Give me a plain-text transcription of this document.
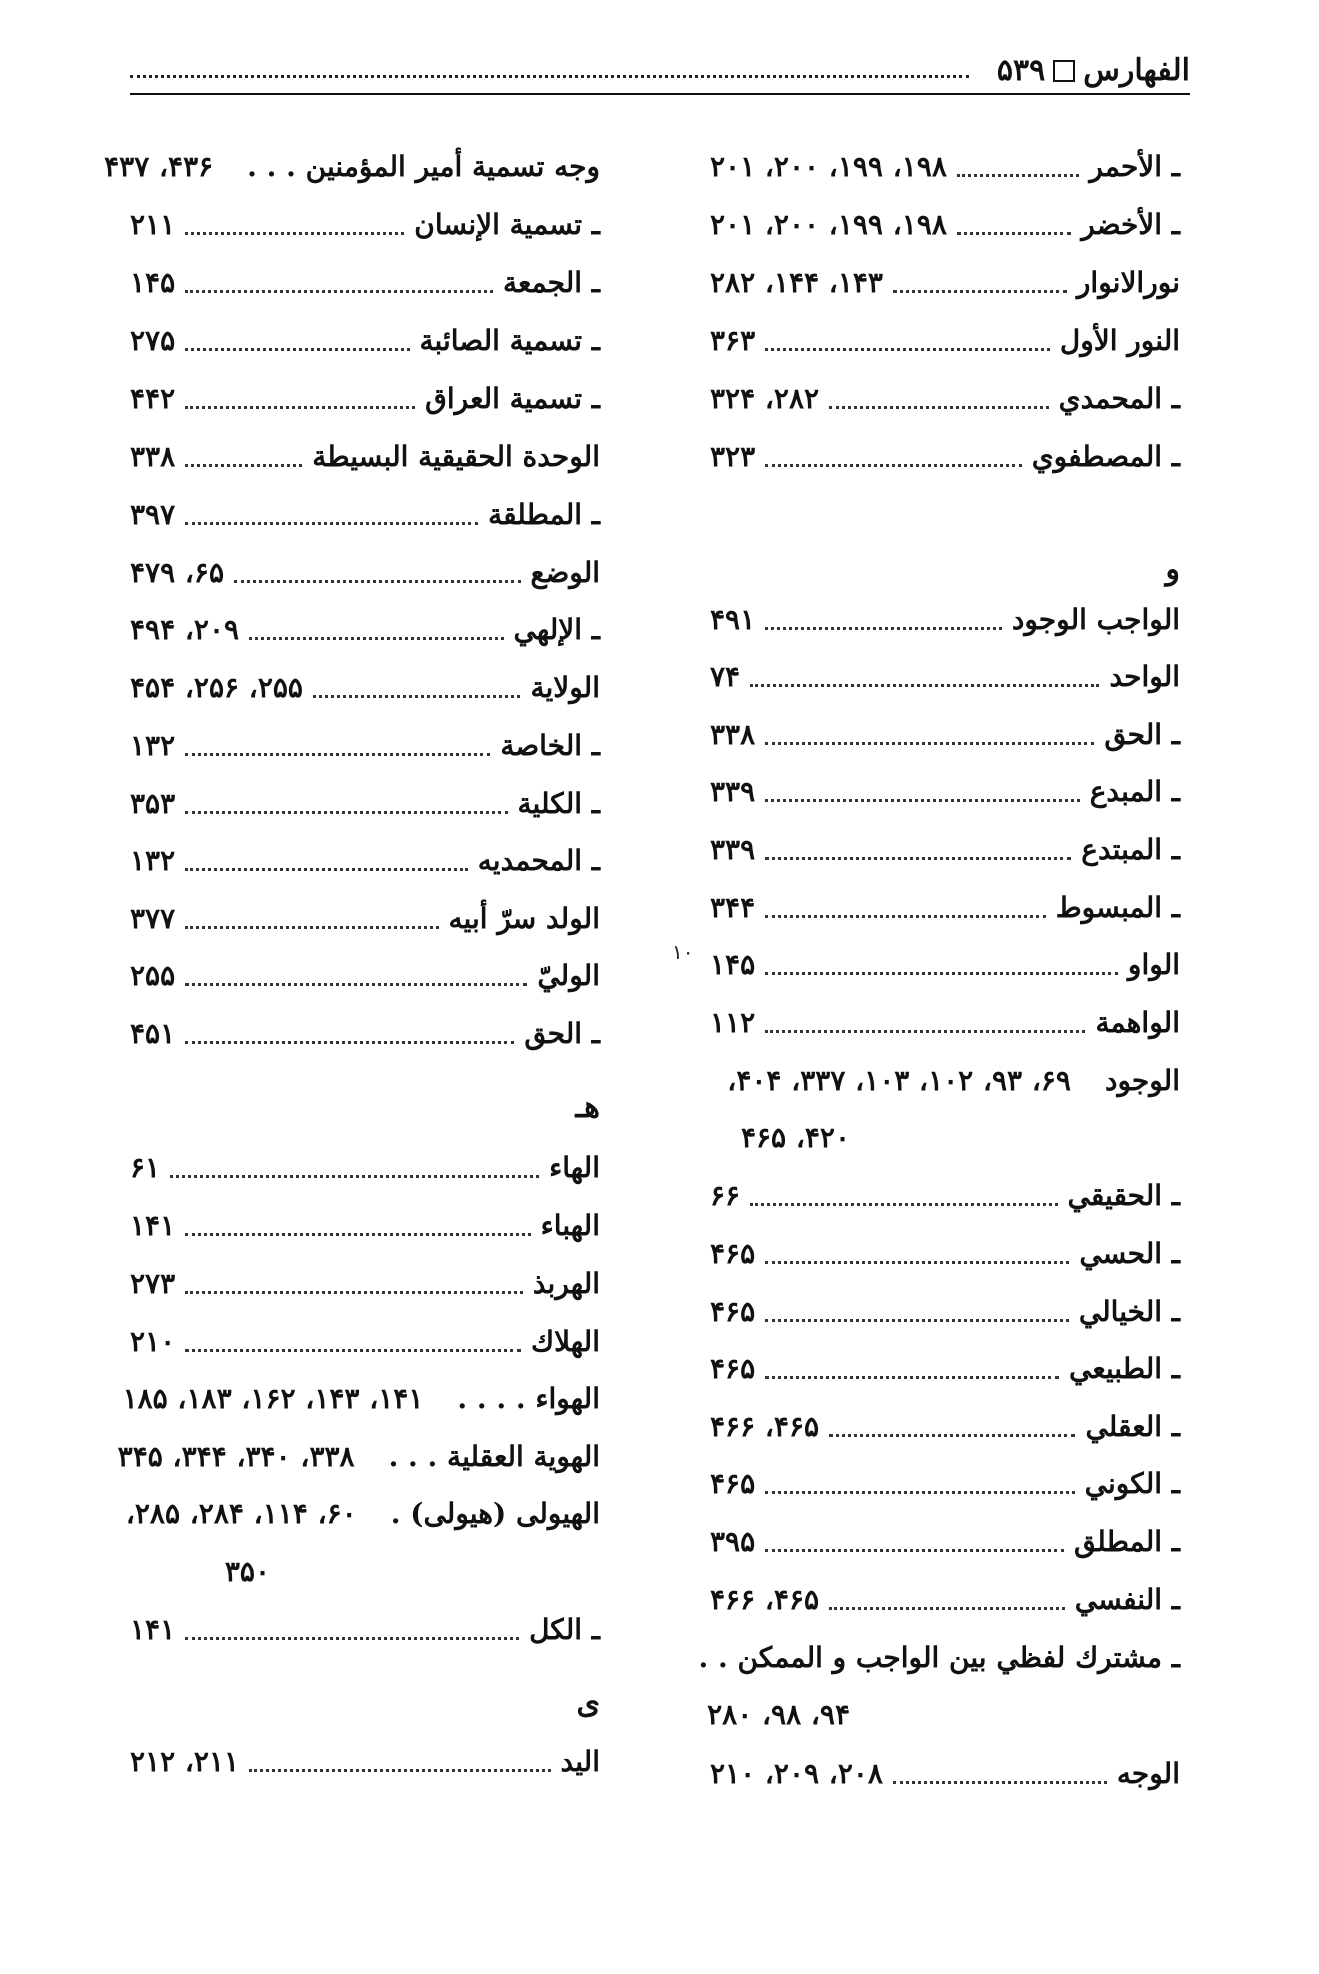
الفهارس
۵۳۹
ـ الأحمر
۱۹۸، ۱۹۹، ۲۰۰، ۲۰۱
ـ الأخضر
۱۹۸، ۱۹۹، ۲۰۰، ۲۰۱
نورالانوار
۱۴۳، ۱۴۴، ۲۸۲
النور الأول
۳۶۳
ـ المحمدي
۲۸۲، ۳۲۴
ـ المصطفوي
۳۲۳
و
الواجب الوجود
۴۹۱
الواحد
۷۴
ـ الحق
۳۳۸
ـ المبدع
۳۳۹
ـ المبتدع
۳۳۹
ـ المبسوط
۳۴۴
الواو
۱۴۵
الواهمة
۱۱۲
الوجود
۶۹، ۹۳، ۱۰۲، ۱۰۳، ۳۳۷، ۴۰۴،
۴۲۰، ۴۶۵
ـ الحقيقي
۶۶
ـ الحسي
۴۶۵
ـ الخيالي
۴۶۵
ـ الطبيعي
۴۶۵
ـ العقلي
۴۶۵، ۴۶۶
ـ الكوني
۴۶۵
ـ المطلق
۳۹۵
ـ النفسي
۴۶۵، ۴۶۶
ـ مشترك لفظي بين الواجب و الممكن . .
۹۴، ۹۸، ۲۸۰
الوجه
۲۰۸، ۲۰۹، ۲۱۰
وجه تسمية أمير المؤمنين . . .
۴۳۶، ۴۳۷
ـ تسمية الإنسان
۲۱۱
ـ الجمعة
۱۴۵
ـ تسمية الصائبة
۲۷۵
ـ تسمية العراق
۴۴۲
الوحدة الحقيقية البسيطة
۳۳۸
ـ المطلقة
۳۹۷
الوضع
۶۵، ۴۷۹
ـ الإلهي
۲۰۹، ۴۹۴
الولاية
۲۵۵، ۲۵۶، ۴۵۴
ـ الخاصة
۱۳۲
ـ الكلية
۳۵۳
ـ المحمديه
۱۳۲
الولد سرّ أبيه
۳۷۷
الوليّ
۲۵۵
ـ الحق
۴۵۱
هـ
الهاء
۶۱
الهباء
۱۴۱
الهربذ
۲۷۳
الهلاك
۲۱۰
الهواء . . . .
۱۴۱، ۱۴۳، ۱۶۲، ۱۸۳، ۱۸۵
الهوية العقلية . . .
۳۳۸، ۳۴۰، ۳۴۴، ۳۴۵
الهيولى (هيولى) .
۶۰، ۱۱۴، ۲۸۴، ۲۸۵،
۳۵۰
ـ الكل
۱۴۱
ى
اليد
۲۱۱، ۲۱۲
۱۰
